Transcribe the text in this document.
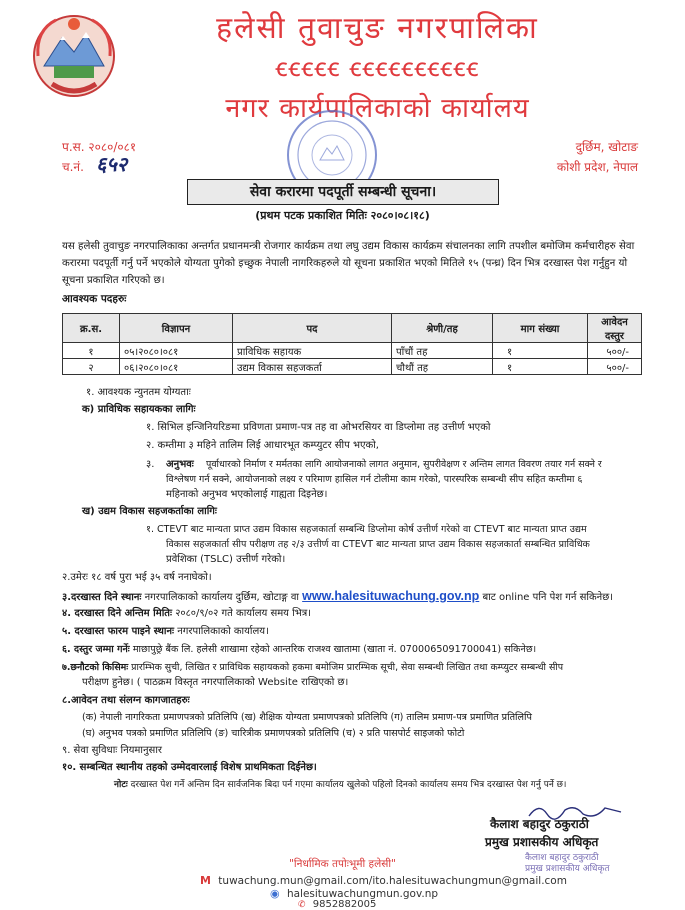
हलेसी तुवाचुङ नगरपालिका
ꞓꞓꞓꞓꞓ ꞓꞓꞓꞓꞓꞓꞓꞓꞓꞓ
नगर कार्यपालिकाको कार्यालय
प.स. २०८०/०८१
च.नं. ६५२
दुर्छिम, खोटाङ
कोशी प्रदेश, नेपाल
सेवा करारमा पदपूर्ती सम्बन्धी सूचना।
(प्रथम पटक प्रकाशित मितिः २०८०।०८।१८)
यस हलेसी तुवाचुङ नगरपालिकाका अन्तर्गत प्रधानमन्त्री रोजगार कार्यक्रम तथा लघु उद्यम विकास कार्यक्रम संचालनका लागि तपशील बमोजिम कर्मचारीहरु सेवा करारमा पदपूर्ती गर्नु पर्ने भएकोले योग्यता पुगेको इच्छुक नेपाली नागरिकहरुले यो सूचना प्रकाशित भएको मितिले १५ (पन्ध्र) दिन भित्र दरखास्त पेश गर्नुहुन यो सूचना प्रकाशित गरिएको छ।
आवश्यक पदहरुः
क्र.स.	विज्ञापन	पद	श्रेणी/तह	माग संख्या	आवेदन दस्तुर
१	०५।२०८०।०८१	प्राविधिक सहायक	पाँचौं तह	१	५००/-
२	०६।२०८०।०८१	उद्यम विकास सहजकर्ता	चौथौं तह	१	५००/-
१. आवश्यक न्युनतम योग्यताः
क) प्राविधिक सहायकका लागिः
१. सिभिल इन्जिनियरिङमा प्रविणता प्रमाण-पत्र तह वा ओभरसियर वा डिप्लोमा तह उत्तीर्ण भएको
२. कम्तीमा ३ महिने तालिम लिई आधारभूत कम्प्युटर सीप भएको,
३. अनुभवः पूर्वाधारको निर्माण र मर्मतका लागि आयोजनाको लागत अनुमान, सुपरीवेक्षण र अन्तिम लागत विवरण तयार गर्न सक्ने र
विश्लेषण गर्न सक्ने, आयोजनाको लक्ष्य र परिमाण हासिल गर्न टोलीमा काम गरेको, पारस्परिक सम्बन्धी सीप सहित कम्तीमा ६
महिनाको अनुभव भएकोलाई गाह्यता दिइनेछ।
ख) उद्यम विकास सहजकर्ताका लागिः
१. CTEVT बाट मान्यता प्राप्त उद्यम विकास सहजकार्ता सम्बन्धि डिप्लोमा कोर्ष उत्तीर्ण गरेको वा CTEVT बाट मान्यता प्राप्त उद्यम
विकास सहजकार्ता सीप परीक्षण तह २/३ उत्तीर्ण वा CTEVT बाट मान्यता प्राप्त उद्यम विकास सहजकार्ता सम्बन्धित प्राविधिक
प्रवेशिका (TSLC) उत्तीर्ण गरेको।
२.उमेरः १८ वर्ष पुरा भई ३५ वर्ष ननाघेको।
३.दरखास्त दिने स्थानः नगरपालिकाको कार्यालय दुर्छिम, खोटाङ्ग वा www.halesituwachung.gov.np बाट online पनि पेश गर्न सकिनेछ।
४. दरखास्त दिने अन्तिम मितिः २०८०/९/०२ गते कार्यालय समय भित्र।
५. दरखास्त फारम पाइने स्थानः नगरपालिकाको कार्यालय।
६. दस्तुर जम्मा गर्नेः माछापुछ्रे बैंक लि. हलेसी शाखामा रहेको आन्तरिक राजश्व खातामा (खाता नं. 0700065091700041) सकिनेछ।
७.छनौटको किसिमः प्रारम्भिक सुची, लिखित र प्राविधिक सहायकको हकमा बमोजिम प्रारम्भिक सूची, सेवा सम्बन्धी लिखित तथा कम्प्युटर सम्बन्धी सीप
परीक्षण हुनेछ। ( पाठक्रम विस्तृत नगरपालिकाको Website राखिएको छ।
८.आवेदन तथा संलग्न कागजातहरुः
(क) नेपाली नागरिकता प्रमाणपत्रको प्रतिलिपि (ख) शैक्षिक योग्यता प्रमाणपत्रको प्रतिलिपि (ग) तालिम प्रमाण-पत्र प्रमाणित प्रतिलिपि
(घ) अनुभव पत्रको प्रमाणित प्रतिलिपि (ङ) चारित्रीक प्रमाणपत्रको प्रतिलिपि (च) २ प्रति पासपोर्ट साइजको फोटो
९. सेवा सुविधाः नियमानुसार
१०. सम्बन्धित स्थानीय तहको उम्मेदवारलाई विशेष प्राथमिकता दिईनेछ।
नोटः दरखास्त पेश गर्ने अन्तिम दिन सार्वजनिक बिदा पर्न गएमा कार्यालय खुलेको पहिलो दिनको कार्यालय समय भित्र दरखास्त पेश गर्नु पर्ने छ।
कैलाश बहादुर ठकुराठी
प्रमुख प्रशासकीय अधिकृत
कैलाश बहादुर ठकुराठी
प्रमुख प्रशासकीय अधिकृत
"निर्धामिक तपोःभूमी हलेसी"
M tuwachung.mun@gmail.com/ito.halesituwachungmun@gmail.com
◉ halesituwachungmun.gov.np
✆ 9852882005
